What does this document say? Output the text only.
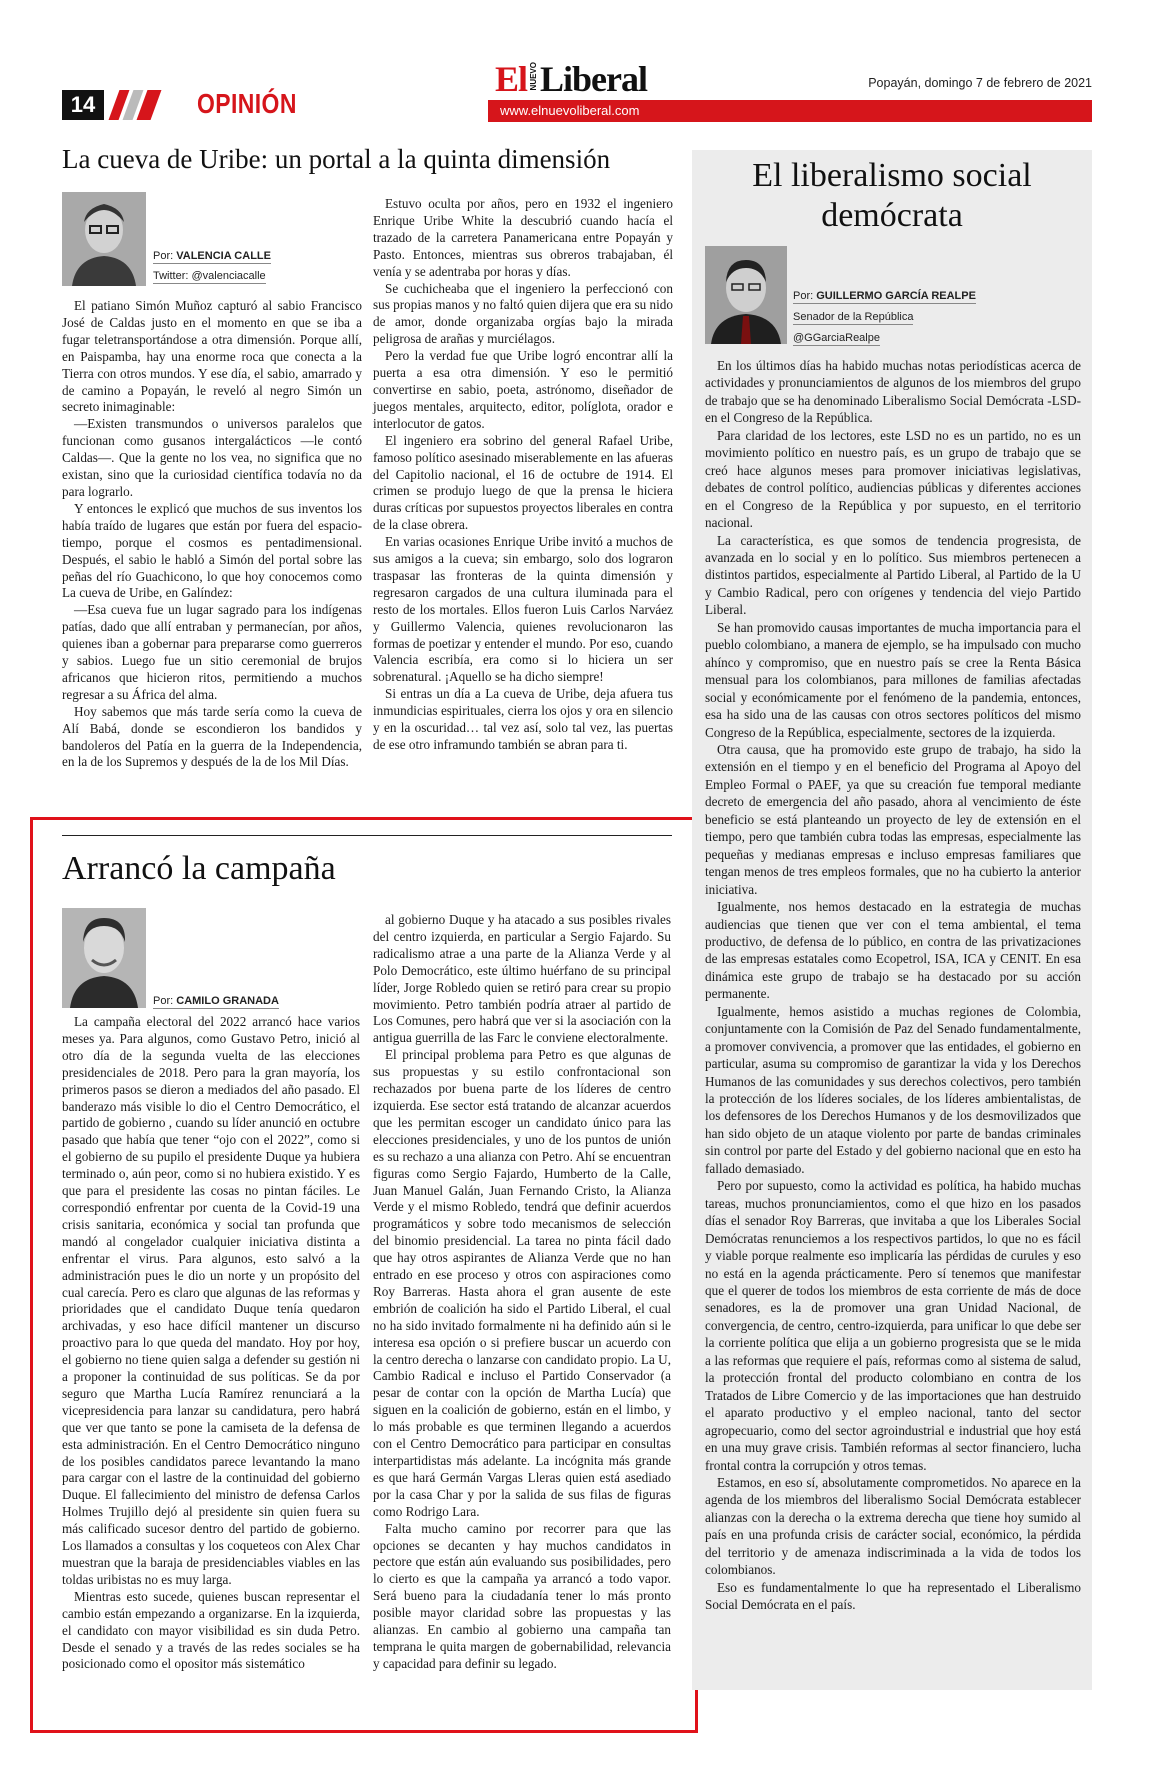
14	OPINIÓN
El NUEVOLiberal	Popayán, domingo 7 de febrero de 2021
www.elnuevoliberal.com
La cueva de Uribe: un portal a la quinta dimensión
Por: VALENCIA CALLE
Twitter: @valenciacalle

El patiano Simón Muñoz capturó al sabio Francisco José de Caldas justo en el momento en que se iba a fugar teletransportándose a otra dimensión. Porque allí, en Paispamba, hay una enorme roca que conecta a la Tierra con otros mundos. Y ese día, el sabio, amarrado y de camino a Popayán, le reveló al negro Simón un secreto inimaginable:

—Existen transmundos o universos paralelos que funcionan como gusanos intergalácticos —le contó Caldas—. Que la gente no los vea, no significa que no existan, sino que la curiosidad científica todavía no da para lograrlo.

Y entonces le explicó que muchos de sus inventos los había traído de lugares que están por fuera del espacio-tiempo, porque el cosmos es pentadimensional. Después, el sabio le habló a Simón del portal sobre las peñas del río Guachicono, lo que hoy conocemos como La cueva de Uribe, en Galíndez:

—Esa cueva fue un lugar sagrado para los indígenas patías, dado que allí entraban y permanecían, por años, quienes iban a gobernar para prepararse como guerreros y sabios. Luego fue un sitio ceremonial de brujos africanos que hicieron ritos, permitiendo a muchos regresar a su África del alma.

Hoy sabemos que más tarde sería como la cueva de Alí Babá, donde se escondieron los bandidos y bandoleros del Patía en la guerra de la Independencia, en la de los Supremos y después de la de los Mil Días.

Estuvo oculta por años, pero en 1932 el ingeniero Enrique Uribe White la descubrió cuando hacía el trazado de la carretera Panamericana entre Popayán y Pasto. Entonces, mientras sus obreros trabajaban, él venía y se adentraba por horas y días.

Se cuchicheaba que el ingeniero la perfeccionó con sus propias manos y no faltó quien dijera que era su nido de amor, donde organizaba orgías bajo la mirada peligrosa de arañas y murciélagos.

Pero la verdad fue que Uribe logró encontrar allí la puerta a esa otra dimensión. Y eso le permitió convertirse en sabio, poeta, astrónomo, diseñador de juegos mentales, arquitecto, editor, políglota, orador e interlocutor de gatos.

El ingeniero era sobrino del general Rafael Uribe, famoso político asesinado miserablemente en las afueras del Capitolio nacional, el 16 de octubre de 1914. El crimen se produjo luego de que la prensa le hiciera duras críticas por supuestos proyectos liberales en contra de la clase obrera.

En varias ocasiones Enrique Uribe invitó a muchos de sus amigos a la cueva; sin embargo, solo dos lograron traspasar las fronteras de la quinta dimensión y regresaron cargados de una cultura iluminada para el resto de los mortales. Ellos fueron Luis Carlos Narváez y Guillermo Valencia, quienes revolucionaron las formas de poetizar y entender el mundo. Por eso, cuando Valencia escribía, era como si lo hiciera un ser sobrenatural. ¡Aquello se ha dicho siempre!

Si entras un día a La cueva de Uribe, deja afuera tus inmundicias espirituales, cierra los ojos y ora en silencio y en la oscuridad… tal vez así, solo tal vez, las puertas de ese otro inframundo también se abran para ti.

Arrancó la campaña
Por: CAMILO GRANADA

La campaña electoral del 2022 arrancó hace varios meses ya. Para algunos, como Gustavo Petro, inició al otro día de la segunda vuelta de las elecciones presidenciales de 2018. Pero para la gran mayoría, los primeros pasos se dieron a mediados del año pasado. El banderazo más visible lo dio el Centro Democrático, el partido de gobierno , cuando su líder anunció en octubre pasado que había que tener “ojo con el 2022”, como si el gobierno de su pupilo el presidente Duque ya hubiera terminado o, aún peor, como si no hubiera existido. Y es que para el presidente las cosas no pintan fáciles. Le correspondió enfrentar por cuenta de la Covid-19 una crisis sanitaria, económica y social tan profunda que mandó al congelador cualquier iniciativa distinta a enfrentar el virus. Para algunos, esto salvó a la administración pues le dio un norte y un propósito del cual carecía. Pero es claro que algunas de las reformas y prioridades que el candidato Duque tenía quedaron archivadas, y eso hace difícil mantener un discurso proactivo para lo que queda del mandato. Hoy por hoy, el gobierno no tiene quien salga a defender su gestión ni a proponer la continuidad de sus políticas. Se da por seguro que Martha Lucía Ramírez renunciará a la vicepresidencia para lanzar su candidatura, pero habrá que ver que tanto se pone la camiseta de la defensa de esta administración. En el Centro Democrático ninguno de los posibles candidatos parece levantando la mano para cargar con el lastre de la continuidad del gobierno Duque. El fallecimiento del ministro de defensa Carlos Holmes Trujillo dejó al presidente sin quien fuera su más calificado sucesor dentro del partido de gobierno. Los llamados a consultas y los coqueteos con Alex Char muestran que la baraja de presidenciables viables en las toldas uribistas no es muy larga.

Mientras esto sucede, quienes buscan representar el cambio están empezando a organizarse. En la izquierda, el candidato con mayor visibilidad es sin duda Petro. Desde el senado y a través de las redes sociales se ha posicionado como el opositor más sistemático

al gobierno Duque y ha atacado a sus posibles rivales del centro izquierda, en particular a Sergio Fajardo. Su radicalismo atrae a una parte de la Alianza Verde y al Polo Democrático, este último huérfano de su principal líder, Jorge Robledo quien se retiró para crear su propio movimiento. Petro también podría atraer al partido de Los Comunes, pero habrá que ver si la asociación con la antigua guerrilla de las Farc le conviene electoralmente.

El principal problema para Petro es que algunas de sus propuestas y su estilo confrontacional son rechazados por buena parte de los líderes de centro izquierda. Ese sector está tratando de alcanzar acuerdos que les permitan escoger un candidato único para las elecciones presidenciales, y uno de los puntos de unión es su rechazo a una alianza con Petro. Ahí se encuentran figuras como Sergio Fajardo, Humberto de la Calle, Juan Manuel Galán, Juan Fernando Cristo, la Alianza Verde y el mismo Robledo, tendrá que definir acuerdos programáticos y sobre todo mecanismos de selección del binomio presidencial. La tarea no pinta fácil dado que hay otros aspirantes de Alianza Verde que no han entrado en ese proceso y otros con aspiraciones como Roy Barreras. Hasta ahora el gran ausente de este embrión de coalición ha sido el Partido Liberal, el cual no ha sido invitado formalmente ni ha definido aún si le interesa esa opción o si prefiere buscar un acuerdo con la centro derecha o lanzarse con candidato propio. La U, Cambio Radical e incluso el Partido Conservador (a pesar de contar con la opción de Martha Lucía) que siguen en la coalición de gobierno, están en el limbo, y lo más probable es que terminen llegando a acuerdos con el Centro Democrático para participar en consultas interpartidistas más adelante. La incógnita más grande es que hará Germán Vargas Lleras quien está asediado por la casa Char y por la salida de sus filas de figuras como Rodrigo Lara.

Falta mucho camino por recorrer para que las opciones se decanten y hay muchos candidatos in pectore que están aún evaluando sus posibilidades, pero lo cierto es que la campaña ya arrancó a todo vapor. Será bueno para la ciudadanía tener lo más pronto posible mayor claridad sobre las propuestas y las alianzas. En cambio al gobierno una campaña tan temprana le quita margen de gobernabilidad, relevancia y capacidad para definir su legado.

El liberalismo social
demócrata
Por: GUILLERMO GARCÍA REALPE
Senador de la República
@GGarciaRealpe

En los últimos días ha habido muchas notas periodísticas acerca de actividades y pronunciamientos de algunos de los miembros del grupo de trabajo que se ha denominado Liberalismo Social Demócrata -LSD- en el Congreso de la República.

Para claridad de los lectores, este LSD no es un partido, no es un movimiento político en nuestro país, es un grupo de trabajo que se creó hace algunos meses para promover iniciativas legislativas, debates de control político, audiencias públicas y diferentes acciones en el Congreso de la República y por supuesto, en el territorio nacional.

La característica, es que somos de tendencia progresista, de avanzada en lo social y en lo político. Sus miembros pertenecen a distintos partidos, especialmente al Partido Liberal, al Partido de la U y Cambio Radical, pero con orígenes y tendencia del viejo Partido Liberal.

Se han promovido causas importantes de mucha importancia para el pueblo colombiano, a manera de ejemplo, se ha impulsado con mucho ahínco y compromiso, que en nuestro país se cree la Renta Básica mensual para los colombianos, para millones de familias afectadas social y económicamente por el fenómeno de la pandemia, entonces, esa ha sido una de las causas con otros sectores políticos del mismo Congreso de la República, especialmente, sectores de la izquierda.

Otra causa, que ha promovido este grupo de trabajo, ha sido la extensión en el tiempo y en el beneficio del Programa al Apoyo del Empleo Formal o PAEF, ya que su creación fue temporal mediante decreto de emergencia del año pasado, ahora al vencimiento de éste beneficio se está planteando un proyecto de ley de extensión en el tiempo, pero que también cubra todas las empresas, especialmente las pequeñas y medianas empresas e incluso empresas familiares que tengan menos de tres empleos formales, que no ha cubierto la anterior iniciativa.

Igualmente, nos hemos destacado en la estrategia de muchas audiencias que tienen que ver con el tema ambiental, el tema productivo, de defensa de lo público, en contra de las privatizaciones de las empresas estatales como Ecopetrol, ISA, ICA y CENIT. En esa dinámica este grupo de trabajo se ha destacado por su acción permanente.

Igualmente, hemos asistido a muchas regiones de Colombia, conjuntamente con la Comisión de Paz del Senado fundamentalmente, a promover convivencia, a promover que las entidades, el gobierno en particular, asuma su compromiso de garantizar la vida y los Derechos Humanos de las comunidades y sus derechos colectivos, pero también la protección de los líderes sociales, de los líderes ambientalistas, de los defensores de los Derechos Humanos y de los desmovilizados que han sido objeto de un ataque violento por parte de bandas criminales sin control por parte del Estado y del gobierno nacional que en esto ha fallado demasiado.

Pero por supuesto, como la actividad es política, ha habido muchas tareas, muchos pronunciamientos, como el que hizo en los pasados días el senador Roy Barreras, que invitaba a que los Liberales Social Demócratas renunciemos a los respectivos partidos, lo que no es fácil y viable porque realmente eso implicaría las pérdidas de curules y eso no está en la agenda prácticamente. Pero sí tenemos que manifestar que el querer de todos los miembros de esta corriente de más de doce senadores, es la de promover una gran Unidad Nacional, de convergencia, de centro, centro-izquierda, para unificar lo que debe ser la corriente política que elija a un gobierno progresista que se le mida a las reformas que requiere el país, reformas como al sistema de salud, la protección frontal del producto colombiano en contra de los Tratados de Libre Comercio y de las importaciones que han destruido el aparato productivo y el empleo nacional, tanto del sector agropecuario, como del sector agroindustrial e industrial que hoy está en una muy grave crisis. También reformas al sector financiero, lucha frontal contra la corrupción y otros temas.

Estamos, en eso sí, absolutamente comprometidos. No aparece en la agenda de los miembros del liberalismo Social Demócrata establecer alianzas con la derecha o la extrema derecha que tiene hoy sumido al país en una profunda crisis de carácter social, económico, la pérdida del territorio y de amenaza indiscriminada a la vida de todos los colombianos.

Eso es fundamentalmente lo que ha representado el Liberalismo Social Demócrata en el país.
